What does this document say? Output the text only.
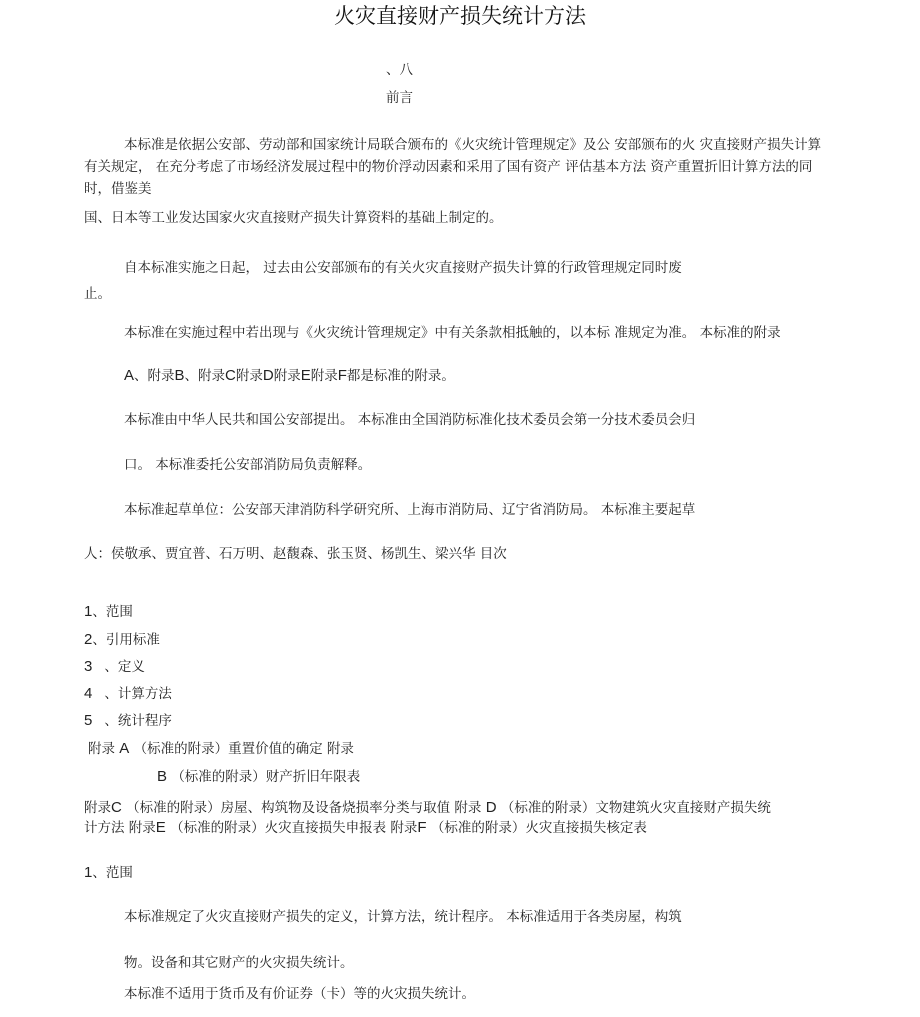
火灾直接财产损失统计方法
、八
前言
本标准是依据公安部、劳动部和国家统计局联合颁布的《火灾统计管理规定》及公 安部颁布的火 灾直接财产损失计算有关规定， 在充分考虑了市场经济发展过程中的物价浮动因素和采用了国有资产 评估基本方法 资产重置折旧计算方法的同时，借鉴美
国、日本等工业发达国家火灾直接财产损失计算资料的基础上制定的。
自本标准实施之日起， 过去由公安部颁布的有关火灾直接财产损失计算的行政管理规定同时废
止。
本标准在实施过程中若出现与《火灾统计管理规定》中有关条款相抵触的，以本标 准规定为准。 本标准的附录
A、附录B、附录C附录D附录E附录F都是标准的附录。
本标准由中华人民共和国公安部提出。 本标准由全国消防标准化技术委员会第一分技术委员会归
口。 本标准委托公安部消防局负责解释。
本标准起草单位：公安部天津消防科学研究所、上海市消防局、辽宁省消防局。 本标准主要起草
人：侯敬承、贾宜普、石万明、赵馥森、张玉贤、杨凯生、梁兴华 目次
1、范围
2、引用标准
3 、定义
4 、计算方法
5 、统计程序
附录 A （标准的附录）重置价值的确定 附录
B （标准的附录）财产折旧年限表
附录C （标准的附录）房屋、构筑物及设备烧损率分类与取值 附录 D （标准的附录）文物建筑火灾直接财产损失统
计方法 附录E （标准的附录）火灾直接损失申报表 附录F （标准的附录）火灾直接损失核定表
1、范围
本标准规定了火灾直接财产损失的定义，计算方法，统计程序。 本标准适用于各类房屋，构筑
物。设备和其它财产的火灾损失统计。
本标准不适用于货币及有价证券（卡）等的火灾损失统计。
